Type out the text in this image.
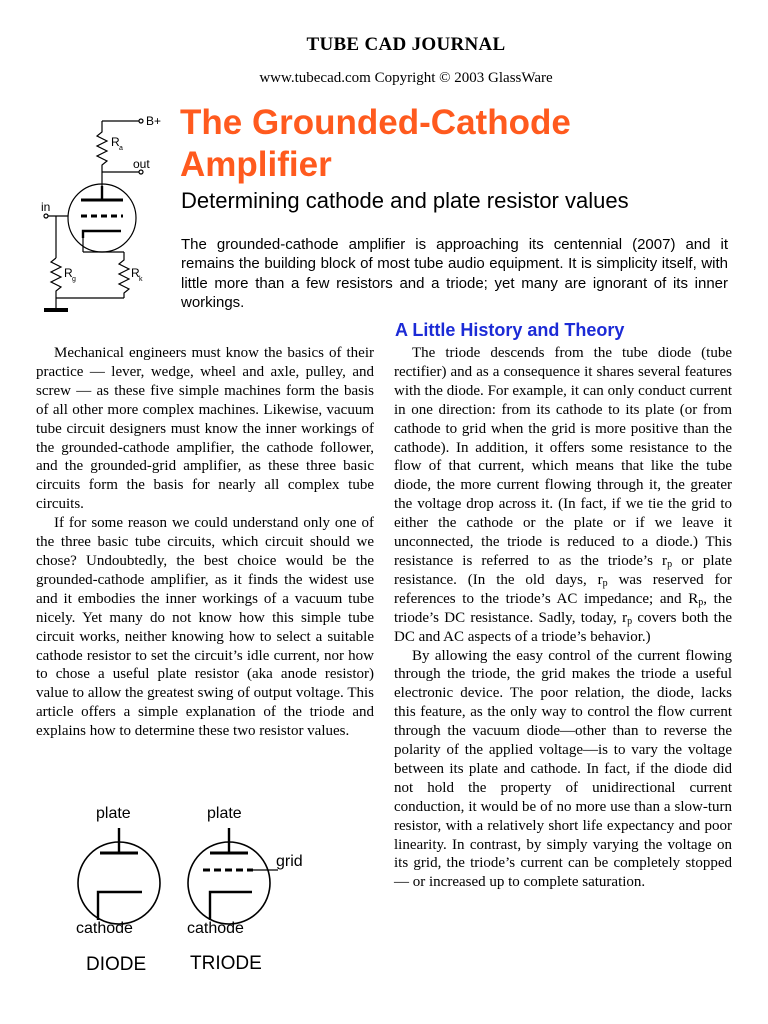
TUBE CAD JOURNAL
www.tubecad.com Copyright © 2003 GlassWare
B+
R a
out
in
R g	R k
The Grounded-Cathode
Amplifier
Determining cathode and plate resistor values

The grounded-cathode amplifier is approaching its centennial (2007) and it remains the building block of most tube audio equipment. It is simplicity itself, with little more than a few resistors and a triode; yet many are ignorant of its inner workings.

Mechanical engineers must know the basics of their practice — lever, wedge, wheel and axle, pulley, and screw — as these five simple machines form the basis of all other more complex machines. Likewise, vacuum tube circuit designers must know the inner workings of the grounded-cathode amplifier, the cathode follower, and the grounded-grid amplifier, as these three basic circuits form the basis for nearly all complex tube circuits.

If for some reason we could understand only one of the three basic tube circuits, which circuit should we chose? Undoubtedly, the best choice would be the grounded-cathode amplifier, as it finds the widest use and it embodies the inner workings of a vacuum tube nicely. Yet many do not know how this simple tube circuit works, neither knowing how to select a suitable cathode resistor to set the circuit’s idle current, nor how to chose a useful plate resistor (aka anode resistor) value to allow the greatest swing of output voltage. This article offers a simple explanation of the triode and explains how to determine these two resistor values.

A Little History and Theory

The triode descends from the tube diode (tube rectifier) and as a consequence it shares several features with the diode. For example, it can only conduct current in one direction: from its cathode to its plate (or from cathode to grid when the grid is more positive than the cathode). In addition, it offers some resistance to the flow of that current, which means that like the tube diode, the more current flowing through it, the greater the voltage drop across it. (In fact, if we tie the grid to either the cathode or the plate or if we leave it unconnected, the triode is reduced to a diode.) This resistance is referred to as the triode’s $r_p$ or plate resistance. (In the old days, $r_p$ was reserved for references to the triode’s AC impedance; and $R_p$, the triode’s DC resistance. Sadly, today, $r_p$ covers both the DC and AC aspects of a triode’s behavior.)

By allowing the easy control of the current flowing through the triode, the grid makes the triode a useful electronic device. The poor relation, the diode, lacks this feature, as the only way to control the flow current through the vacuum diode—other than to reverse the polarity of the applied voltage—is to vary the voltage between its plate and cathode. In fact, if the diode did not hold the property of unidirectional current conduction, it would be of no more use than a slow-turn resistor, with a relatively short life expectancy and poor linearity. In contrast, by simply varying the voltage on its grid, the triode’s current can be completely stopped — or increased up to complete saturation.

plate
cathode
DIODE
plate
grid
cathode
TRIODE
